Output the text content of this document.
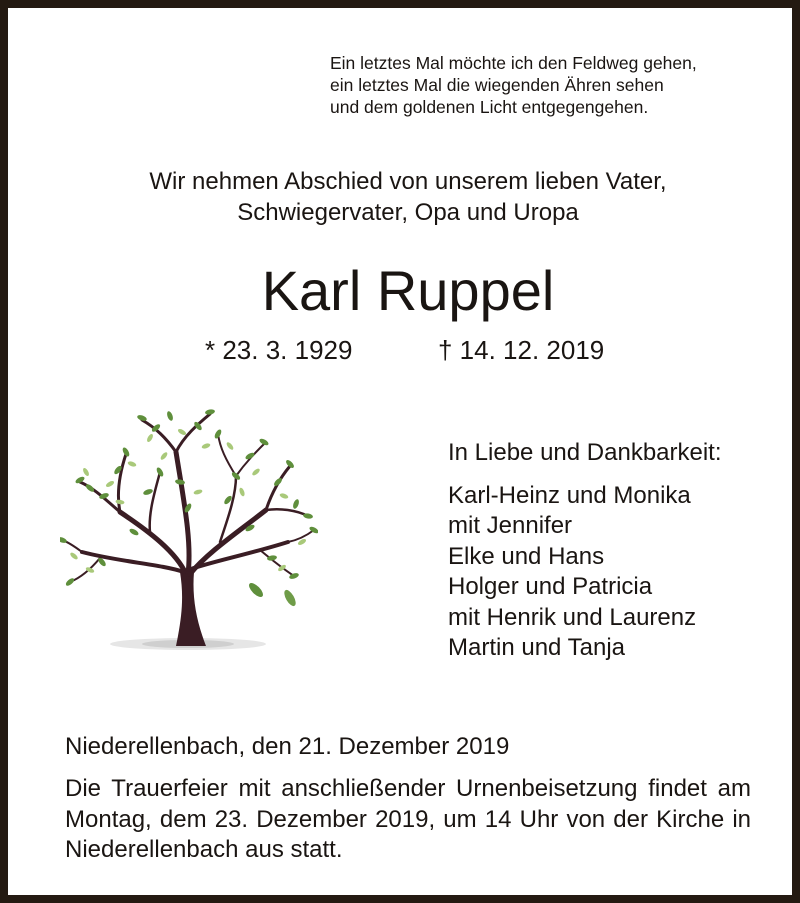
Ein letztes Mal möchte ich den Feldweg gehen,
ein letztes Mal die wiegenden Ähren sehen
und dem goldenen Licht entgegengehen.
Wir nehmen Abschied von unserem lieben Vater,
Schwiegervater, Opa und Uropa
Karl Ruppel
* 23. 3. 1929	† 14. 12. 2019
In Liebe und Dankbarkeit:
Karl-Heinz und Monika
mit Jennifer
Elke und Hans
Holger und Patricia
mit Henrik und Laurenz
Martin und Tanja
Niederellenbach, den 21. Dezember 2019
Die Trauerfeier mit anschließender Urnenbeisetzung findet am Montag, dem 23. Dezember 2019, um 14 Uhr von der Kirche in Niederellenbach aus statt.
